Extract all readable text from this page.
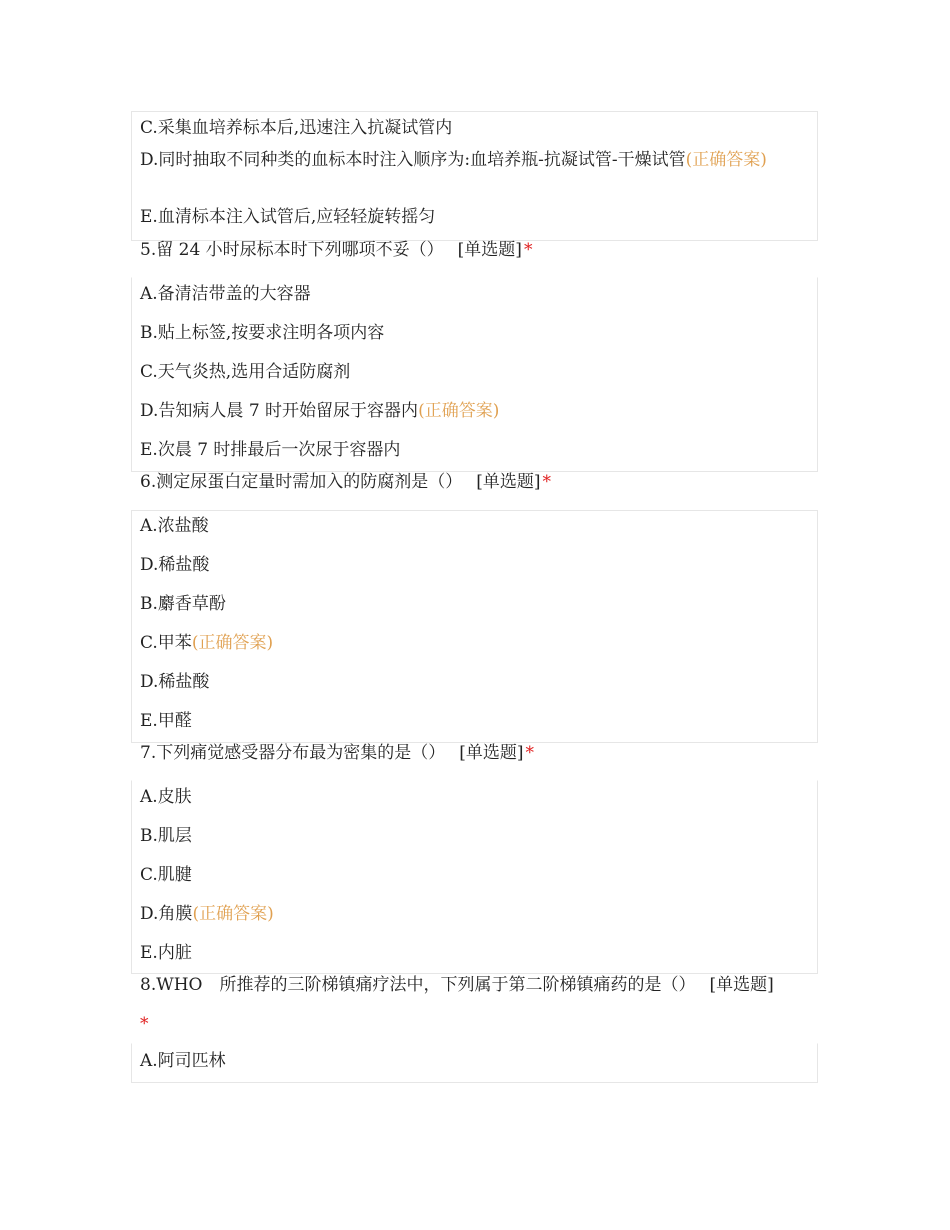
C.采集血培养标本后,迅速注入抗凝试管内
D.同时抽取不同种类的血标本时注入顺序为:血培养瓶-抗凝试管-干燥试管(正确答案)
E.血清标本注入试管后,应轻轻旋转摇匀
5.留 24 小时尿标本时下列哪项不妥（） [单选题] *
A.备清洁带盖的大容器
B.贴上标签,按要求注明各项内容
C.天气炎热,选用合适防腐剂
D.告知病人晨 7 时开始留尿于容器内(正确答案)
E.次晨 7 时排最后一次尿于容器内
6.测定尿蛋白定量时需加入的防腐剂是（） [单选题] *
A.浓盐酸
D.稀盐酸
B.麝香草酚
C.甲苯(正确答案)
D.稀盐酸
E.甲醛
7.下列痛觉感受器分布最为密集的是（） [单选题] *
A.皮肤
B.肌层
C.肌腱
D.角膜(正确答案)
E.内脏
8.WHO　所推荐的三阶梯镇痛疗法中，下列属于第二阶梯镇痛药的是（） [单选题]
*
A.阿司匹林
